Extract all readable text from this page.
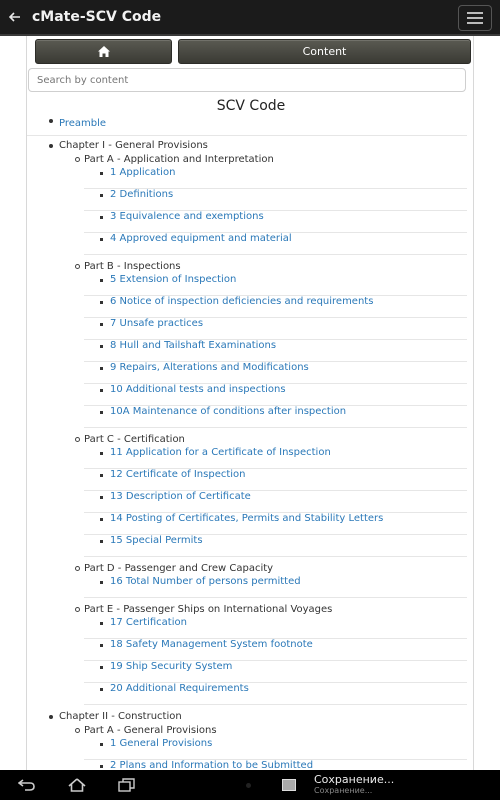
cMate-SCV Code
Content
Search by content
SCV Code
Preamble
Chapter I - General Provisions
Part A - Application and Interpretation
1 Application
2 Definitions
3 Equivalence and exemptions
4 Approved equipment and material
Part B - Inspections
5 Extension of Inspection
6 Notice of inspection deficiencies and requirements
7 Unsafe practices
8 Hull and Tailshaft Examinations
9 Repairs, Alterations and Modifications
10 Additional tests and inspections
10A Maintenance of conditions after inspection
Part C - Certification
11 Application for a Certificate of Inspection
12 Certificate of Inspection
13 Description of Certificate
14 Posting of Certificates, Permits and Stability Letters
15 Special Permits
Part D - Passenger and Crew Capacity
16 Total Number of persons permitted
Part E - Passenger Ships on International Voyages
17 Certification
18 Safety Management System footnote
19 Ship Security System
20 Additional Requirements
Chapter II - Construction
Part A - General Provisions
1 General Provisions
2 Plans and Information to be Submitted
Сохранение...
Сохранение...
